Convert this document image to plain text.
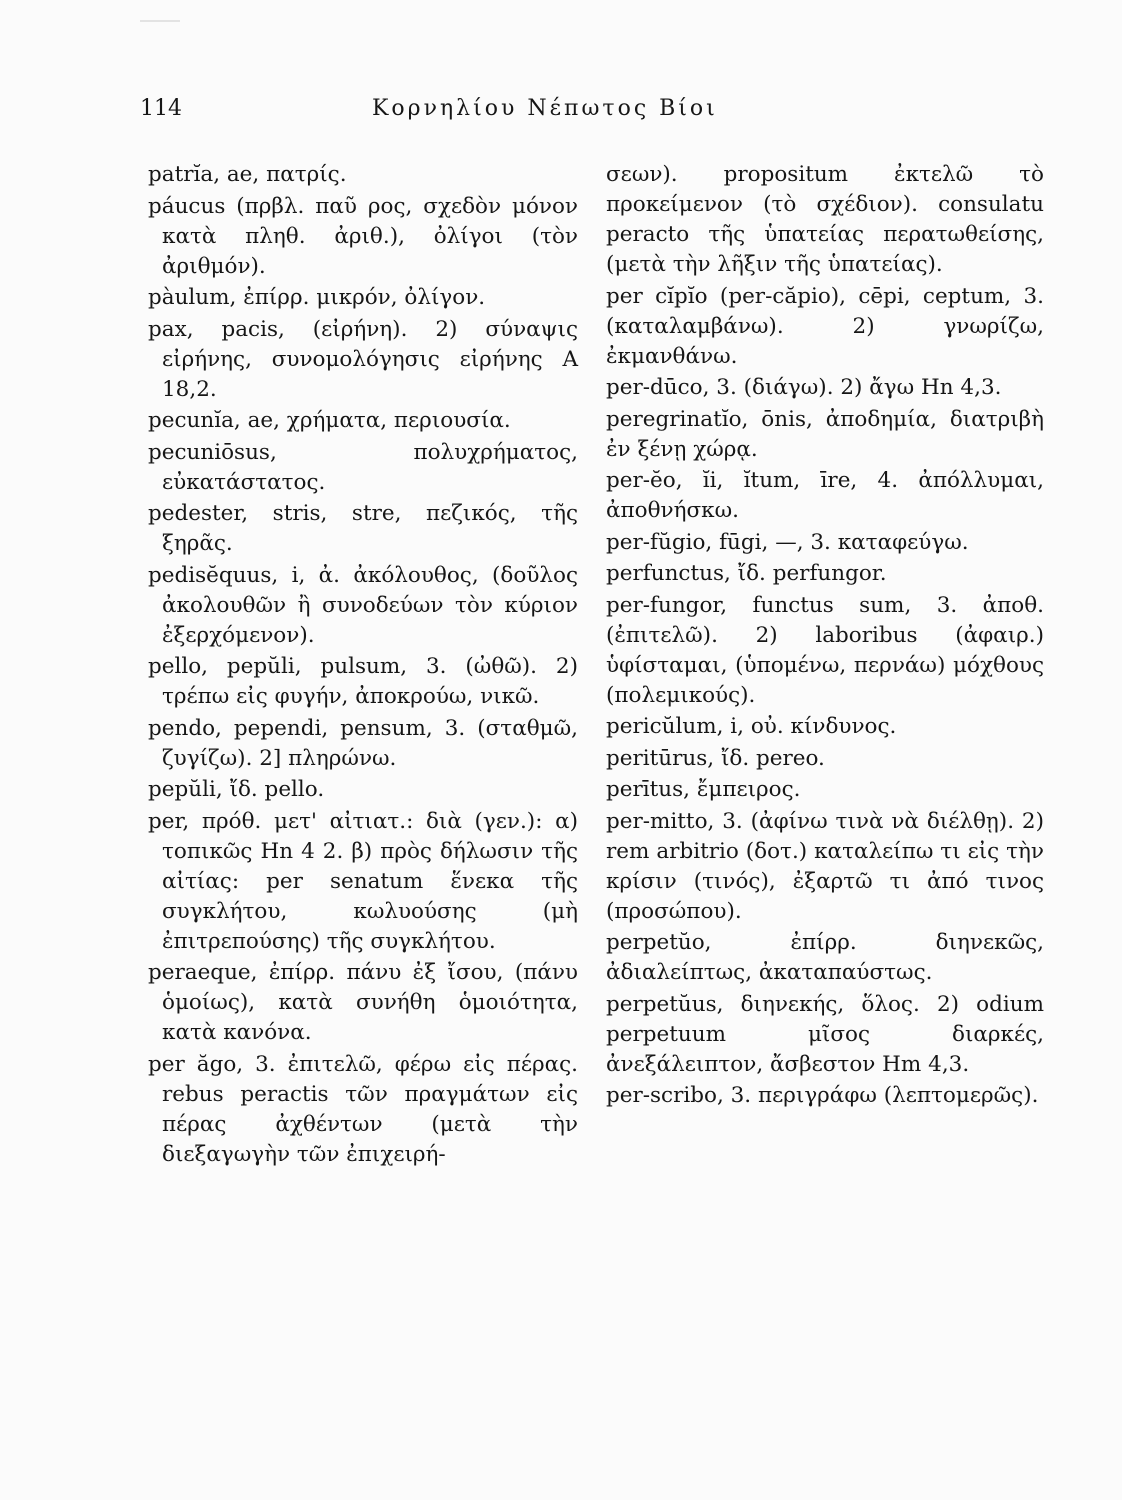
114	Κορνηλίου Νέπωτος Βίοι

patrĭa, ae, πατρίς.

páucus (πρβλ. παῦ ρος, σχεδὸν μόνον κατὰ πληθ. ἀριθ.), ὀλίγοι (τὸν ἀριθμόν).

pàulum, ἐπίρρ. μικρόν, ὀλίγον.

pax, pacis, (εἰρήνη). 2) σύναψις εἰρήνης, συνομολόγησις εἰρήνης A 18,2.

pecunĭa, ae, χρήματα, περιουσία.

pecuniōsus, πολυχρήματος, εὐκατάστατος.

pedester, stris, stre, πεζικός, τῆς ξηρᾶς.

pedisĕquus, i, ἀ. ἀκόλουθος, (δοῦλος ἀκολουθῶν ἢ συνοδεύων τὸν κύριον ἐξερχόμενον).

pello, pepŭli, pulsum, 3. (ὠθῶ). 2) τρέπω εἰς φυγήν, ἀποκρούω, νικῶ.

pendo, pependi, pensum, 3. (σταθμῶ, ζυγίζω). 2] πληρώνω.

pepŭli, ἴδ. pello.

per, πρόθ. μετ' αἰτιατ.: διὰ (γεν.): α) τοπικῶς Hn 4 2. β) πρὸς δήλωσιν τῆς αἰτίας: per senatum ἕνεκα τῆς συγκλήτου, κωλυούσης (μὴ ἐπιτρεπούσης) τῆς συγκλήτου.

peraeque, ἐπίρρ. πάνυ ἐξ ἴσου, (πάνυ ὁμοίως), κατὰ συνήθη ὁμοιότητα, κατὰ κανόνα.

per ăgo, 3. ἐπιτελῶ, φέρω εἰς πέρας. rebus peractis τῶν πραγμάτων εἰς πέρας ἀχθέντων (μετὰ τὴν διεξαγωγὴν τῶν ἐπιχειρή-

σεων). propositum ἐκτελῶ τὸ προκείμενον (τὸ σχέδιον). consulatu peracto τῆς ὑπατείας περατωθείσης, (μετὰ τὴν λῆξιν τῆς ὑπατείας).

per cĭpĭo (per-căpio), cēpi, ceptum, 3. (καταλαμβάνω). 2) γνωρίζω, ἐκμανθάνω.

per-dūco, 3. (διάγω). 2) ἄγω Hn 4,3.

peregrinatĭo, ōnis, ἀποδημία, διατριβὴ ἐν ξένῃ χώρᾳ.

per-ĕo, ĭi, ĭtum, īre, 4. ἀπόλλυμαι, ἀποθνήσκω.

per-fŭgio, fūgi, —, 3. καταφεύγω.

perfunctus, ἴδ. perfungor.

per-fungor, functus sum, 3. ἀποθ. (ἐπιτελῶ). 2) laboribus (ἀφαιρ.) ὑφίσταμαι, (ὑπομένω, περνάω) μόχθους (πολεμικούς).

pericŭlum, i, οὐ. κίνδυνος.

peritūrus, ἴδ. pereo.

perītus, ἔμπειρος.

per-mitto, 3. (ἀφίνω τινὰ νὰ διέλθῃ). 2) rem arbitrio (δοτ.) καταλείπω τι εἰς τὴν κρίσιν (τινός), ἐξαρτῶ τι ἀπό τινος (προσώπου).

perpetŭo, ἐπίρρ. διηνεκῶς, ἀδιαλείπτως, ἀκαταπαύστως.

perpetŭus, διηνεκής, ὅλος. 2) odium perpetuum μῖσος διαρκές, ἀνεξάλειπτον, ἄσβεστον Hm 4,3.

per-scribo, 3. περιγράφω (λεπτομερῶς).
